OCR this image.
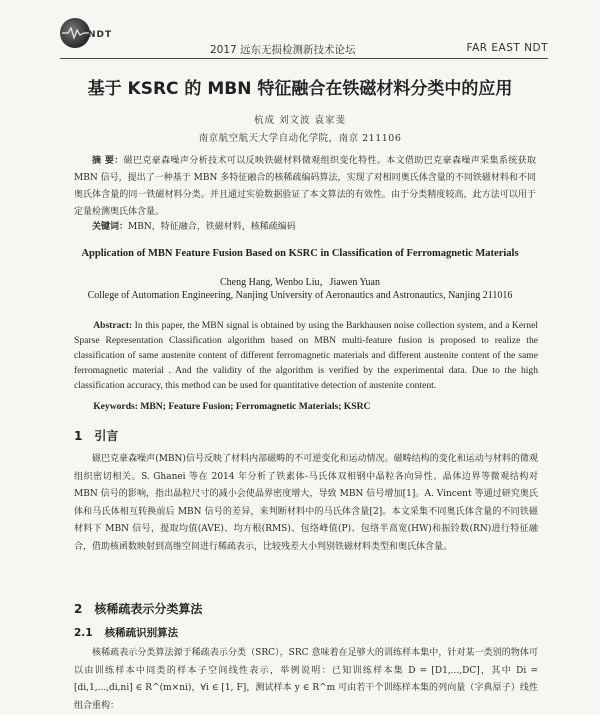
NDT
2017 远东无损检测新技术论坛	FAR EAST NDT
基于 KSRC 的 MBN 特征融合在铁磁材料分类中的应用
杭成 刘文波 袁家斐
南京航空航天大学自动化学院，南京 211106
摘 要：磁巴克豪森噪声分析技术可以反映铁磁材料微观组织变化特性。本文借助巴克豪森噪声采集系统获取 MBN 信号，提出了一种基于 MBN 多特征融合的核稀疏编码算法，实现了对相同奥氏体含量的不同铁磁材料和不同奥氏体含量的同一铁磁材料分类。并且通过实验数据验证了本文算法的有效性。由于分类精度较高，此方法可以用于定量检测奥氏体含量。
关键词：MBN，特征融合，铁磁材料，核稀疏编码
Application of MBN Feature Fusion Based on KSRC in Classification of Ferromagnetic Materials
Cheng Hang, Wenbo Liu，Jiawen Yuan
College of Automation Engineering, Nanjing University of Aeronautics and Astronautics, Nanjing 211016
Abstract: In this paper, the MBN signal is obtained by using the Barkhausen noise collection system, and a Kernel Sparse Representation Classification algorithm based on MBN multi-feature fusion is proposed to realize the classification of same austenite content of different ferromagnetic materials and different austenite content of the same ferromagnetic material . And the validity of the algorithm is verified by the experimental data. Due to the high classification accuracy, this method can be used for quantitative detection of austenite content.
Keywords: MBN; Feature Fusion; Ferromagnetic Materials; KSRC
1 引言
磁巴克豪森噪声(MBN)信号反映了材料内部磁畴的不可逆变化和运动情况。磁畴结构的变化和运动与材料的微观组织密切相关。S. Ghanei 等在 2014 年分析了铁素体-马氏体双相钢中晶粒各向异性、晶体边界等微观结构对 MBN 信号的影响，指出晶粒尺寸的减小会使晶界密度增大，导致 MBN 信号增加[1]。A. Vincent 等通过研究奥氏体和马氏体相互转换前后 MBN 信号的差异，来判断材料中的马氏体含量[2]。本文采集不同奥氏体含量的不同铁磁材料下 MBN 信号，提取均值(AVE)、均方根(RMS)、包络峰值(P)、包络半高宽(HW)和振铃数(RN)进行特征融合，借助核函数映射到高维空间进行稀疏表示，比较残差大小判别铁磁材料类型和奥氏体含量。
2 核稀疏表示分类算法
2.1 核稀疏识别算法
核稀疏表示分类算法源于稀疏表示分类（SRC），SRC 意味着在足够大的训练样本集中，针对某一类别的物体可以由训练样本中同类的样本子空间线性表示，举例说明：已知训练样本集 D = [D1,...,DC]，其中 Di = [di,1,...,di,ni] ∈ R^(m×ni)，∀i ∈ [1, F]，测试样本 y ∈ R^m 可由若干个训练样本集的列向量（字典原子）线性组合重构：
